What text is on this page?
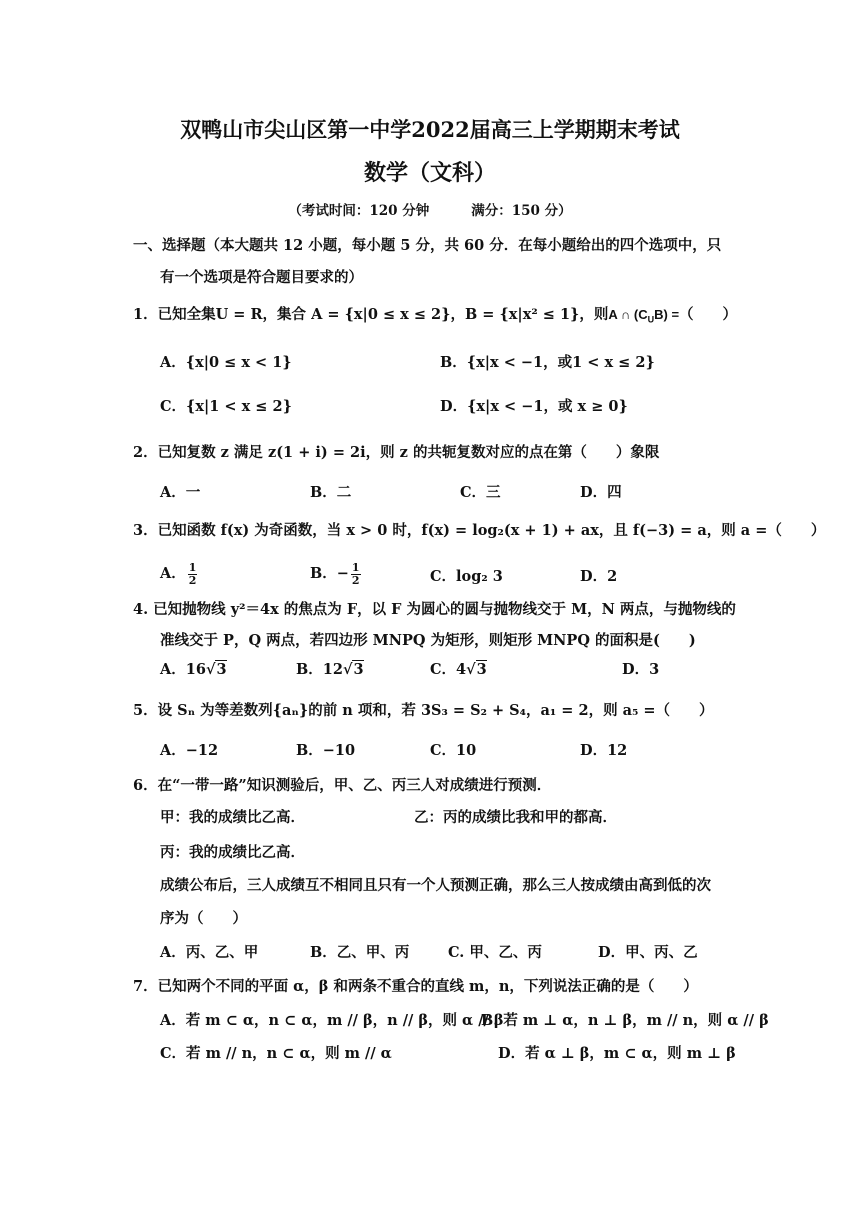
双鸭山市尖山区第一中学2022届高三上学期期末考试
数学（文科）
（考试时间：120 分钟	满分：150 分）
一、选择题（本大题共 12 小题，每小题 5 分，共 60 分．在每小题给出的四个选项中，只
有一个选项是符合题目要求的）
1．已知全集U = R，集合 A = {x|0 ≤ x ≤ 2}，B = {x|x² ≤ 1}，则A ∩ $(C_UB)$ =（　　）
A．{x|0 ≤ x < 1}	B．{x|x < −1，或1 < x ≤ 2}
C．{x|1 < x ≤ 2}	D．{x|x < −1，或 x ≥ 0}
2．已知复数 z 满足 z(1 + i) = 2i，则 z 的共轭复数对应的点在第（　　）象限
A．一	B．二	C．三	D．四
3．已知函数 f(x) 为奇函数，当 x > 0 时，f(x) = log₂(x + 1) + ax，且 f(−3) = a，则 a =（　　）
A． $\frac{1}{2}$	B．− $\frac{1}{2}$	C．log₂ 3	D．2
4. 已知抛物线 y²＝4x 的焦点为 F，以 F 为圆心的圆与抛物线交于 M，N 两点，与抛物线的
准线交于 P，Q 两点，若四边形 MNPQ 为矩形，则矩形 MNPQ 的面积是(　　)
A．16√3	B．12√3	C．4√3	D．3
5．设 Sₙ 为等差数列{aₙ}的前 n 项和，若 3S₃ = S₂ + S₄，a₁ = 2，则 a₅ =（　　）
A．−12	B．−10	C．10	D．12
6．在“一带一路”知识测验后，甲、乙、丙三人对成绩进行预测．
甲：我的成绩比乙高．	乙：丙的成绩比我和甲的都高．
丙：我的成绩比乙高．
成绩公布后，三人成绩互不相同且只有一个人预测正确，那么三人按成绩由高到低的次
序为（　　）
A．丙、乙、甲	B．乙、甲、丙	C. 甲、乙、丙	D．甲、丙、乙
7．已知两个不同的平面 α，β 和两条不重合的直线 m，n，下列说法正确的是（　　）
A．若 m ⊂ α，n ⊂ α，m // β，n // β，则 α // β
B. 若 m ⊥ α，n ⊥ β，m // n，则 α // β
C．若 m // n，n ⊂ α，则 m // α	D．若 α ⊥ β，m ⊂ α，则 m ⊥ β
